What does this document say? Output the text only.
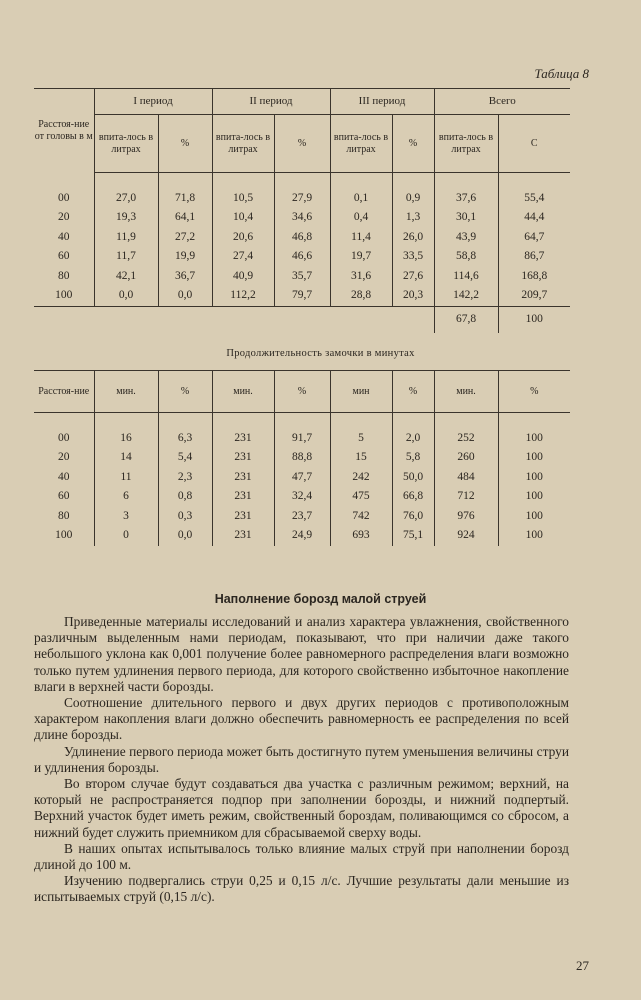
Таблица 8
Расстоя-ние от головы в м	I период		II период		III период		Всего	
	впита-лось в литрах	%	впита-лось в литрах	%	впита-лось в литрах	%	впита-лось в литрах	С

00	27,0	71,8	10,5	27,9	0,1	0,9	37,6	55,4
20	19,3	64,1	10,4	34,6	0,4	1,3	30,1	44,4
40	11,9	27,2	20,6	46,8	11,4	26,0	43,9	64,7
60	11,7	19,9	27,4	46,6	19,7	33,5	58,8	86,7
80	42,1	36,7	40,9	35,7	31,6	27,6	114,6	168,8
100	0,0	0,0	112,2	79,7	28,8	20,3	142,2	209,7
							67,8	100
Продолжительность замочки в минутах
Расстоя-ние	мин.	%	мин.	%	мин	%	мин.	%

00	16	6,3	231	91,7	5	2,0	252	100
20	14	5,4	231	88,8	15	5,8	260	100
40	11	2,3	231	47,7	242	50,0	484	100
60	6	0,8	231	32,4	475	66,8	712	100
80	3	0,3	231	23,7	742	76,0	976	100
100	0	0,0	231	24,9	693	75,1	924	100
Наполнение борозд малой струей

Приведенные материалы исследований и анализ характера увлажнения, свойственного различным выделенным нами периодам, показывают, что при наличии даже такого небольшого уклона как 0,001 получение более равномерного распределения влаги возможно только путем удлинения первого периода, для которого свойственно избыточное накопление влаги в верхней части борозды.

Соотношение длительного первого и двух других периодов с противоположным характером накопления влаги должно обеспечить равномерность ее распределения по всей длине борозды.

Удлинение первого периода может быть достигнуто путем уменьшения величины струи и удлинения борозды.

Во втором случае будут создаваться два участка с различным режимом; верхний, на который не распространяется подпор при заполнении борозды, и нижний подпертый. Верхний участок будет иметь режим, свойственный бороздам, поливающимся со сбросом, а нижний будет служить приемником для сбрасываемой сверху воды.

В наших опытах испытывалось только влияние малых струй при наполнении борозд длиной до 100 м.

Изучению подвергались струи 0,25 и 0,15 л/с. Лучшие результаты дали меньшие из испытываемых струй (0,15 л/с).

27
